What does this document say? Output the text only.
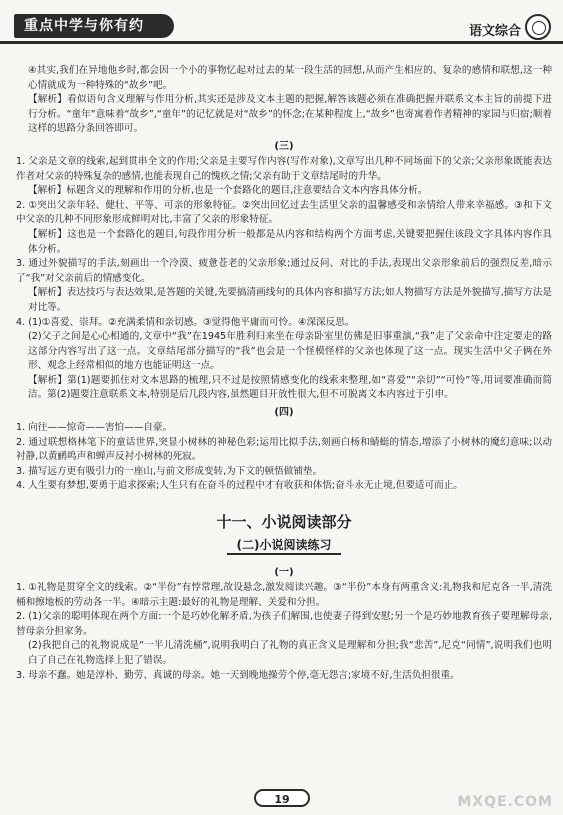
重点中学与你有约	语文综合
④其实,我们在异地他乡时,都会因一个小的事物忆起对过去的某一段生活的回想,从而产生相应的、复杂的感情和联想,这一种心情就成为一种特殊的“故乡”吧。
【解析】看似语句含义理解与作用分析,其实还是涉及文本主题的把握,解答该题必须在准确把握并联系文本主旨的前提下进行分析。“童年”意味着“故乡”,“童年”的记忆就是对“故乡”的怀念;在某种程度上,“故乡”也寄寓着作者精神的家园与归宿;顺着这样的思路分条回答即可。
(三)
1. 父亲是文章的线索,起到贯串全文的作用;父亲是主要写作内容(写作对象),文章写出几种不同场面下的父亲;父亲形象既能表达作者对父亲的特殊复杂的感情,也能表现自己的愧疚之情;父亲有助于文章结尾时的升华。
【解析】标题含义的理解和作用的分析,也是一个套路化的题目,注意要结合文本内容具体分析。
2. ①突出父亲年轻、健壮、平等、可亲的形象特征。②突出回忆过去生活里父亲的温馨感受和亲情给人带来幸福感。③和下文中父亲的几种不同形象形成鲜明对比,丰富了父亲的形象特征。
【解析】这也是一个套路化的题目,句段作用分析一般都是从内容和结构两个方面考虑,关键要把握住该段文字具体内容作具体分析。
3. 通过外貌描写的手法,刻画出一个冷漠、疲惫苍老的父亲形象;通过反问、对比的手法,表现出父亲形象前后的强烈反差,暗示了“我”对父亲前后的情感变化。
【解析】表达技巧与表达效果,是答题的关键,先要搞清画线句的具体内容和描写方法;如人物描写方法是外貌描写,描写方法是对比等。
4. (1)①喜爱、崇拜。②充满柔情和亲切感。③觉得他平庸而可怜。④深深反思。
(2)父子之间是心心相通的,文章中“我”在1945年胜利归来坐在母亲卧室里仿佛是旧事重演,“我”走了父亲命中注定要走的路这部分内容写出了这一点。文章结尾部分描写的“我”也会是一个怪模怪样的父亲也体现了这一点。现实生活中父子俩在外形、观念上经常相似的地方也能证明这一点。
【解析】第(1)题要抓住对文本思路的梳理,只不过是按照情感变化的线索来整理,如“喜爱”“亲切”“可怜”等,用词要准确而简洁。第(2)题要注意联系文本,特别是后几段内容,虽然题目开放性很大,但不可脱离文本内容过于引申。
(四)
1. 向往——惊奇——害怕——自豪。
2. 通过联想格林笔下的童话世界,突显小树林的神秘色彩;运用比拟手法,刻画白杨和蜻蜓的情态,增添了小树林的魔幻意味;以动衬静,以黄鹂鸣声和蝉声反衬小树林的死寂。
3. 描写远方更有吸引力的一座山,与前文形成变转,为下文的顿悟做铺垫。
4. 人生要有梦想,要勇于追求探索;人生只有在奋斗的过程中才有收获和体悟;奋斗永无止境,但要适可而止。
十一、小说阅读部分
(二)小说阅读练习
(一)
1. ①礼物是贯穿全文的线索。②“半份”有悖常理,故设悬念,激发阅读兴趣。③“半份”本身有两重含义:礼物我和尼克各一半,清洗桶和擦地板的劳动各一半。④暗示主题:最好的礼物是理解、关爱和分担。
2. (1)父亲的聪明体现在两个方面:一个是巧妙化解矛盾,为孩子们解围,也使妻子得到安慰;另一个是巧妙地教育孩子要理解母亲,替母亲分担家务。
(2)我把自己的礼物说成是“一半儿清洗桶”,说明我明白了礼物的真正含义是理解和分担;我“悲苦”,尼克“同情”,说明我们也明白了自己在礼物选择上犯了错误。
3. 母亲不蠢。她是淳朴、勤劳、真诚的母亲。她一天到晚地操劳个停,毫无怨言;家境不好,生活负担很重。
19	MXQE.COM
